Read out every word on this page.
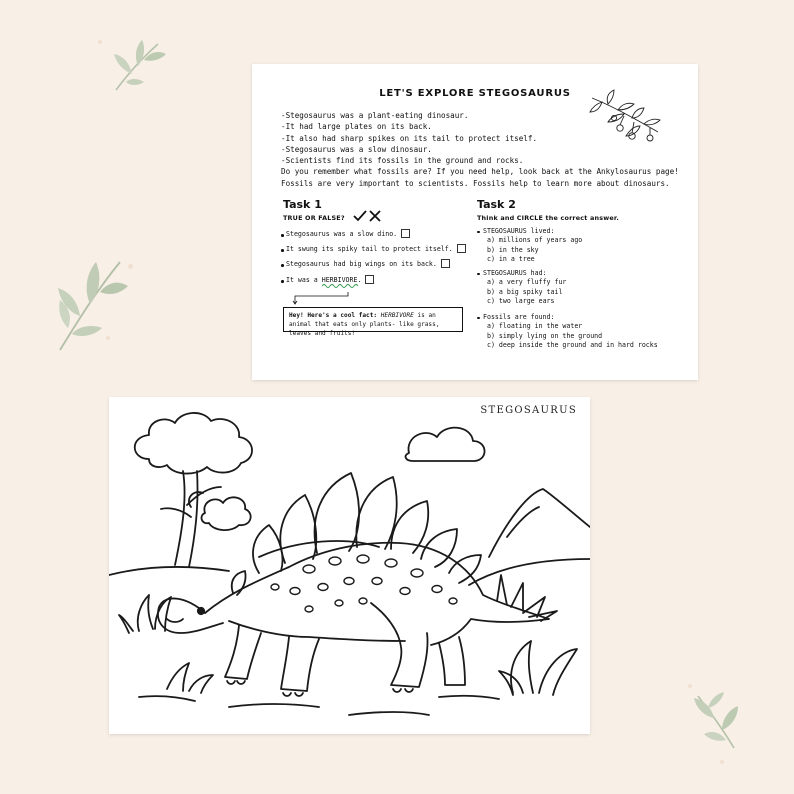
LET'S EXPLORE STEGOSAURUS
-Stegosaurus was a plant-eating dinosaur.
-It had large plates on its back.
-It also had sharp spikes on its tail to protect itself.
-Stegosaurus was a slow dinosaur.
-Scientists find its fossils in the ground and rocks.
Do you remember what fossils are? If you need help, look back at the Ankylosaurus page!
Fossils are very important to scientists. Fossils help to learn more about dinosaurs.
Task 1
TRUE OR FALSE?
Stegosaurus was a slow dino.
It swung its spiky tail to protect itself.
Stegosaurus had big wings on its back.
It was a HERBIVORE .
Hey! Here's a cool fact: HERBIVORE is an animal that eats only plants- like grass, leaves and fruits!
Task 2
Think and CIRCLE the correct answer.
STEGOSAURUS lived:
a) millions of years ago
b) in the sky
c) in a tree
STEGOSAURUS had:
a) a very fluffy fur
b) a big spiky tail
c) two large ears
Fossils are found:
a) floating in the water
b) simply lying on the ground
c) deep inside the ground and in hard rocks
STEGOSAURUS
